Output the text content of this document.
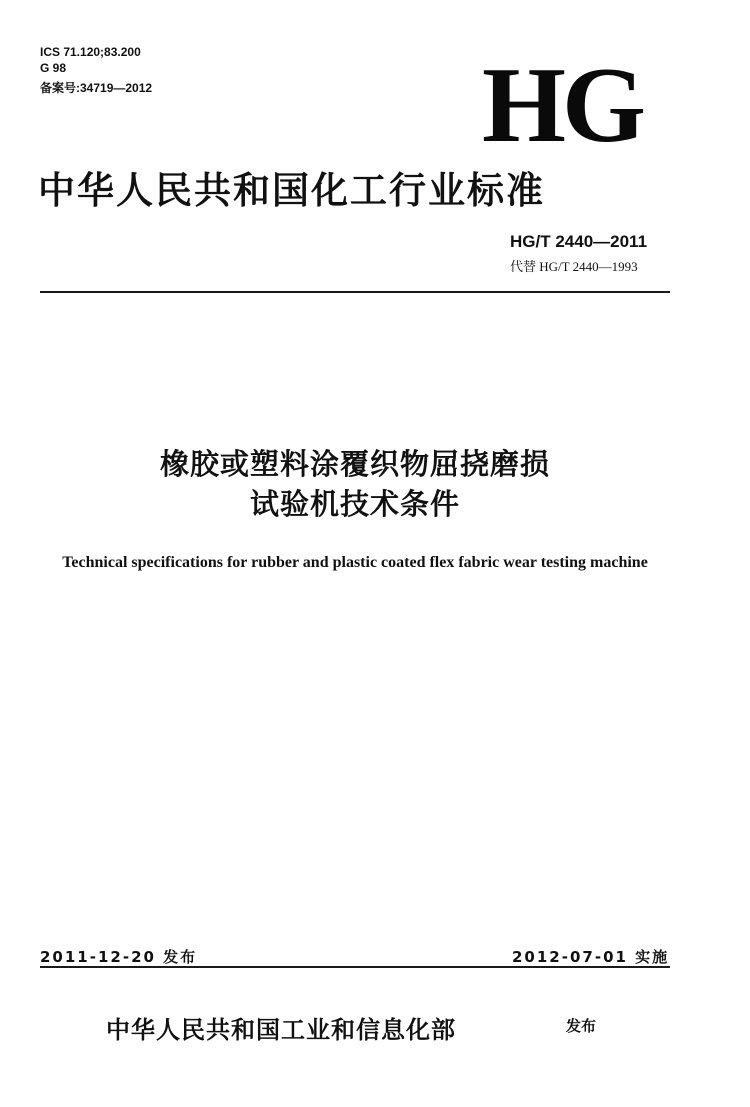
ICS 71.120;83.200
G 98
备案号:34719—2012	HG
中华人民共和国化工行业标准
HG/T 2440—2011
代替 HG/T 2440—1993
橡胶或塑料涂覆织物屈挠磨损
试验机技术条件
Technical specifications for rubber and plastic coated flex fabric wear testing machine
2011-12-20 发布	2012-07-01 实施
中华人民共和国工业和信息化部	发布
